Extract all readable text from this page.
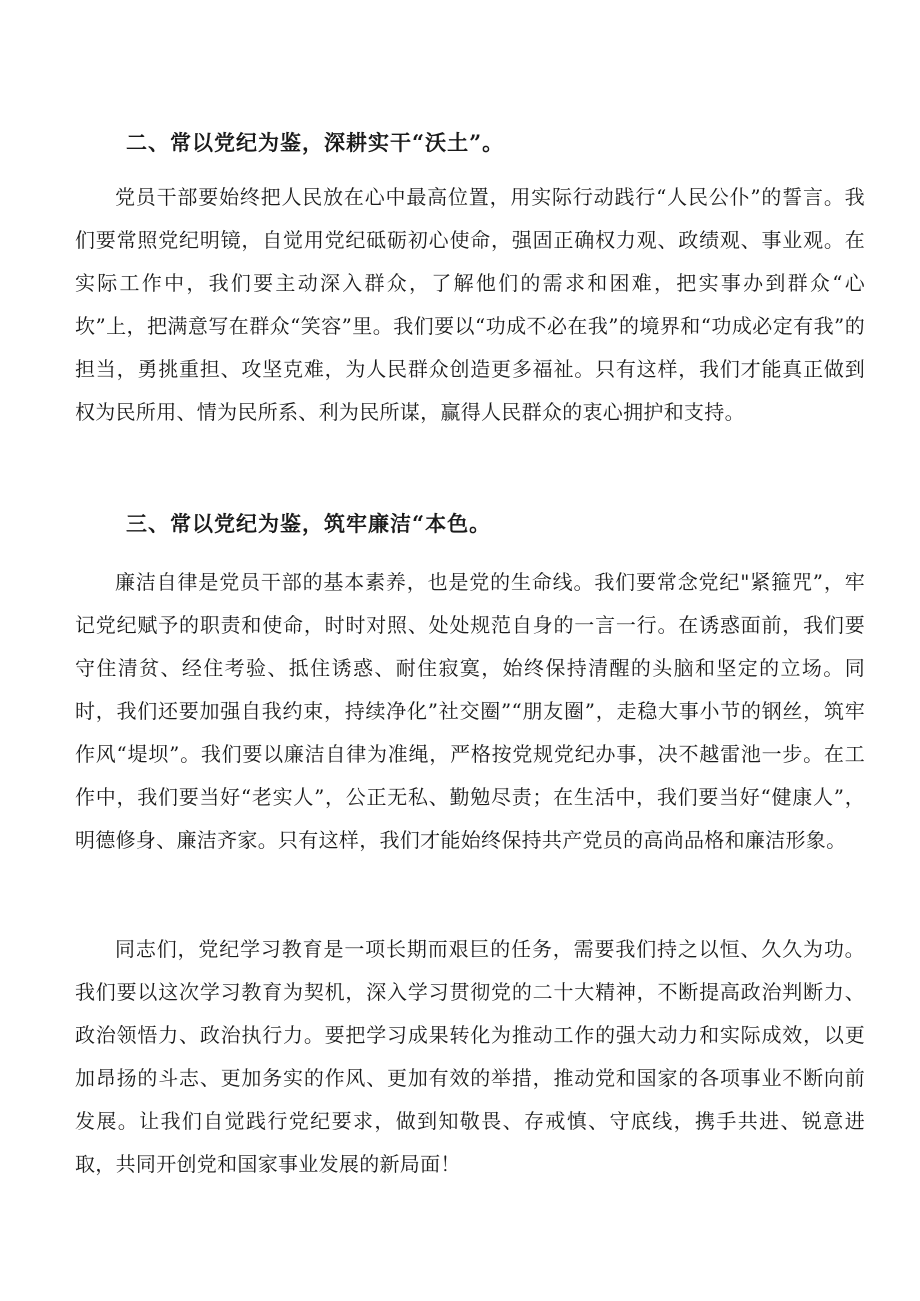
二、常以党纪为鉴，深耕实干“沃土”。

党员干部要始终把人民放在心中最高位置，用实际行动践行“人民公仆”的誓言。我们要常照党纪明镜，自觉用党纪砥砺初心使命，强固正确权力观、政绩观、事业观。在实际工作中，我们要主动深入群众，了解他们的需求和困难，把实事办到群众“心坎”上，把满意写在群众“笑容”里。我们要以“功成不必在我”的境界和“功成必定有我”的担当，勇挑重担、攻坚克难，为人民群众创造更多福祉。只有这样，我们才能真正做到权为民所用、情为民所系、利为民所谋，赢得人民群众的衷心拥护和支持。

三、常以党纪为鉴，筑牢廉洁“本色。

廉洁自律是党员干部的基本素养，也是党的生命线。我们要常念党纪"紧箍咒”，牢记党纪赋予的职责和使命，时时对照、处处规范自身的一言一行。在诱惑面前，我们要守住清贫、经住考验、抵住诱惑、耐住寂寞，始终保持清醒的头脑和坚定的立场。同时，我们还要加强自我约束，持续净化”社交圈”“朋友圈”，走稳大事小节的钢丝，筑牢作风“堤坝”。我们要以廉洁自律为准绳，严格按党规党纪办事，决不越雷池一步。在工作中，我们要当好“老实人”，公正无私、勤勉尽责；在生活中，我们要当好“健康人”，明德修身、廉洁齐家。只有这样，我们才能始终保持共产党员的高尚品格和廉洁形象。

同志们，党纪学习教育是一项长期而艰巨的任务，需要我们持之以恒、久久为功。我们要以这次学习教育为契机，深入学习贯彻党的二十大精神，不断提高政治判断力、政治领悟力、政治执行力。要把学习成果转化为推动工作的强大动力和实际成效，以更加昂扬的斗志、更加务实的作风、更加有效的举措，推动党和国家的各项事业不断向前发展。让我们自觉践行党纪要求，做到知敬畏、存戒慎、守底线，携手共进、锐意进取，共同开创党和国家事业发展的新局面！
